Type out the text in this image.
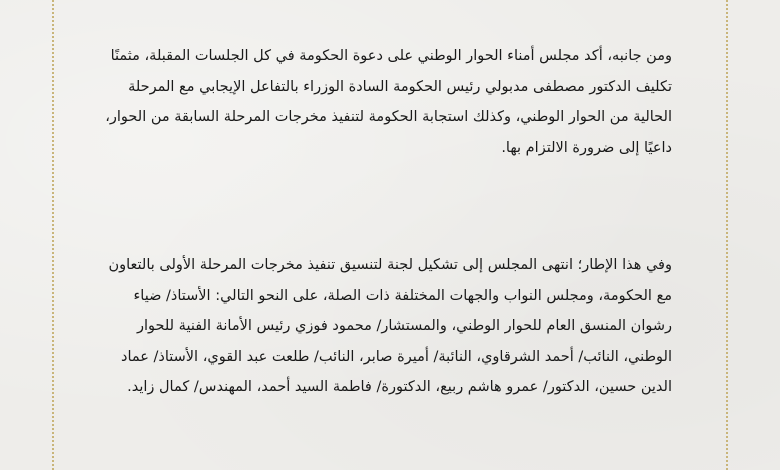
ومن جانبه، أكد مجلس أمناء الحوار الوطني على دعوة الحكومة في كل الجلسات المقبلة، مثمنًا
تكليف الدكتور مصطفى مدبولي رئيس الحكومة السادة الوزراء بالتفاعل الإيجابي مع المرحلة
الحالية من الحوار الوطني، وكذلك استجابة الحكومة لتنفيذ مخرجات المرحلة السابقة من الحوار،
داعيًا إلى ضرورة الالتزام بها.

وفي هذا الإطار؛ انتهى المجلس إلى تشكيل لجنة لتنسيق تنفيذ مخرجات المرحلة الأولى بالتعاون
مع الحكومة، ومجلس النواب والجهات المختلفة ذات الصلة، على النحو التالي: الأستاذ/ ضياء
رشوان المنسق العام للحوار الوطني، والمستشار/ محمود فوزي رئيس الأمانة الفنية للحوار
الوطني، النائب/ أحمد الشرقاوي، النائبة/ أميرة صابر، النائب/ طلعت عبد القوي، الأستاذ/ عماد
الدين حسين، الدكتور/ عمرو هاشم ربيع، الدكتورة/ فاطمة السيد أحمد، المهندس/ كمال زايد.
